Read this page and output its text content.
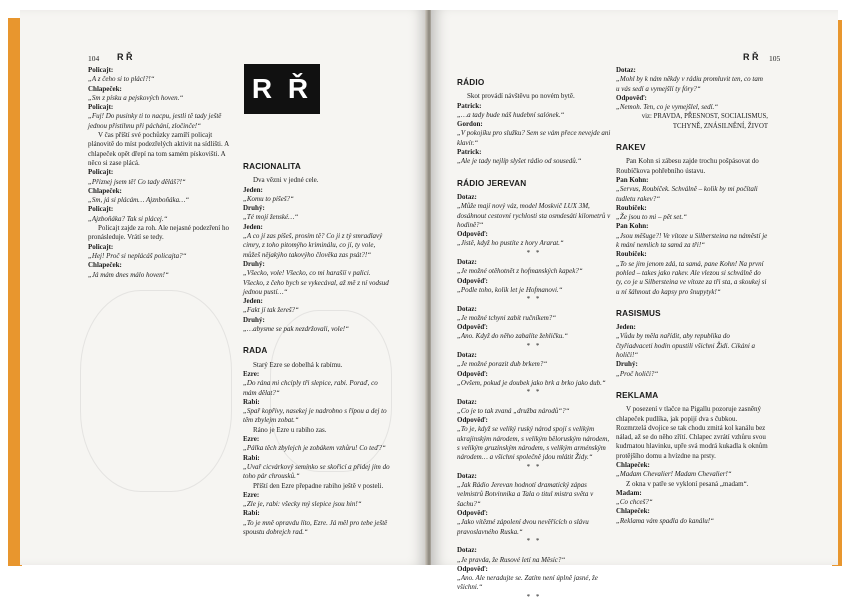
104 R Ř
R Ř

Policajt:
„A z čeho si to plácl?!“

Chlapeček:
„Sm z písku a pejskových hoven.“

Policajt:
„Fuj! Do pusinky ti to nacpu, jestli tě tady ještě jednou přistihnu při páchání, zločinče!“

V čas příští své pochůzky zamíří policajt plánovitě do míst podezřelých aktivit na sídlišti. A chlapeček opět dřepí na tom samém pískovišti. A něco si zase plácá.

Policajt:
„Přiznej jsem tě! Co tady děláš?!“

Chlapeček:
„Sm, já si plácám… Ajznboňáka…“

Policajt:
„Ajzboňáka? Tak si plácej.“

Policajt zajde za roh. Ale nejasné podezření ho pronásleduje. Vrátí se tedy.

Policajt:
„Hej! Proč si neplácáš policajta?“

Chlapeček:
„Já mám dnes málo hoven!“

RACIONALITA

Dva věznі v jedné cele.

Jeden:
„Komu to píšeš?“

Druhý:
„Té mojí ženské…“

Jeden:
„A co jí zas píšeš, prosím tě? Co ji z tý smradlavý cimry, z toho pitomýho kriminálu, co jí, ty vole, můžeš nějakýho takovýho člověka zas psát?!“

Druhý:
„Všecko, vole! Všecko, co mi harašíí v palici. Všecko, z čeho bych se vykecával, až mě z ní vodsud jednou pustí…“

Jeden:
„Fakt jí tak žereš?“

Druhý:
„…abysme se pak nezdržovali, vole!“

RADA

Starý Ezre se dobelhá k rabímu.

Ezre:
„Do rána mi chcíply tři slepice, rabi. Poraď, co mám dělat?“

Rabi:
„Spař kopřivy, nasekej je nadrobno s řípou a dej to těm zbylejm zobat.“

Ráno je Ezre u rabiho zas.

Ezre:
„Pálka těch zbylejch je zobákem vzhůru! Co teď?“

Rabi:
„Uvař cicvárkový semínko se skořicí a přidej jim do toho pár chrousků.“

Příští den Ezre přepadne rabiho ještě v posteli.

Ezre:
„Zle je, rabi: všecky mý slepice jsou hin!“

Rabi:
„To je mně opravdu líto, Ezre. Já měl pro tebe ještě spoustu dobrejch rad.“

105
R Ř
RÁDIO

Skot provádí návštěvu po novém bytě.

Patrick:
„…a tady bude náš hudební salónek.“

Gordon:
„V pokojíku pro služku? Sem se vám přece nevejde ani klavír.“

Patrick:
„Ale je tady nejlíp slyšet rádio od sousedů.“

RÁDIO JEREVAN

Dotaz:
„Může mají nový váz, model Moskvič LUX 3M, dosáhnout cestovní rychlosti sta osmdesáti kilometrů v hodině?“

Odpověď:
„Jistě, když ho pustíte z hory Ararat.“

* *

Dotaz:
„Je možné otěhotnět z hofmanských kapek?“

Odpověď:
„Podle toho, kolik let je Hofmanovi.“

* *

Dotaz:
„Je možné tchyni zabít ručníkem?“

Odpověď:
„Ano. Když do něho zabalíte žehličku.“

* *

Dotaz:
„Je možné porazit dub brkem?“

Odpověď:
„Ovšem, pokud je doubek jako brk a brko jako dub.“

* *

Dotaz:
„Co je to tak zvaná „družba národů“?“

Odpověď:
„To je, když se veliký ruský národ spojí s velikým ukrajinským národem, s velikým běloruským národem, s velikým gruzínským národem, s velikým arménským národem… a všichni společně jdou mlátit Židy.“

* *

Dotaz:
„Jak Rádio Jerevan hodnotí dramatický zápas velmistrů Botvinnika a Tala o titul mistra světa v šachu?“

Odpověď:
„Jako vítězné zápolení dvou nevěřících o slávu pravoslavného Ruska.“

* *

Dotaz:
„Je pravda, že Rusové letí na Měsíc?“

Odpověď:
„Ano. Ale neradujte se. Zatím není úplně jasné, že všichni.“

* *

Dotaz:
„Mohl by k nám někdy v rádiu promluvit ten, co tam u vás sedí a vymejšlí ty fóry?“

Odpověď:
„Nemoh. Ten, co je vymejšlel, sedí.“

viz: PRAVDA, PŘESNOST, SOCIALISMUS, TCHYNĚ, ZNÁSILNĚNÍ, ŽIVOT

RAKEV

Pan Kohn si zábesu zajde trochu pošpásovat do Roubíčkova pohřebního ústavu.

Pan Kohn:
„Servus, Roubíček. Schválně – kolik by mi počítali tudletu rakev?“

Roubíček:
„Že jsou to mi – pět set.“

Pan Kohn:
„Jsou měšuge?! Ve vítoze u Silbersteina na náměstí je k mání nemlich ta samá za tři!“

Roubíček:
„To se jim jenom zdá, ta samá, pane Kohn! Na první pohled – takes jako rakev. Ale vlezou si schválně do ty, co je u Silbersteina ve vítoze za tři sta, a skoukej si u ní šáhnout do kapsy pro šnupytyk!“

RASISMUS

Jeden:
„Vůdu by měla nařídit, aby republika do čtyřiadvaceti hodin opustili všichni Židi. Cikáni a holiči!“

Druhý:
„Proč holiči?“

REKLAMA

V posezení v tlačce na Pigallu pozoruje zasněný chlapeček pudlíka, jak popijí dva s čubkou. Rozmrzelá dvojice se tak chodu zmitá kol kanálu bez nálad, až se do něho zřítí. Chlapec zvrátí vzhůru svou kudrnatou hlavinku, upře svá modrá kukadla k oknům protějšího domu a hvízdne na prsty.

Chlapeček:
„Madam Chevalier! Madam Chevalier!“

Z okna v patře se vykloní pesaná „madam“.

Madam:
„Co chceš?“

Chlapeček:
„Reklama vám spadla do kanálu!“
